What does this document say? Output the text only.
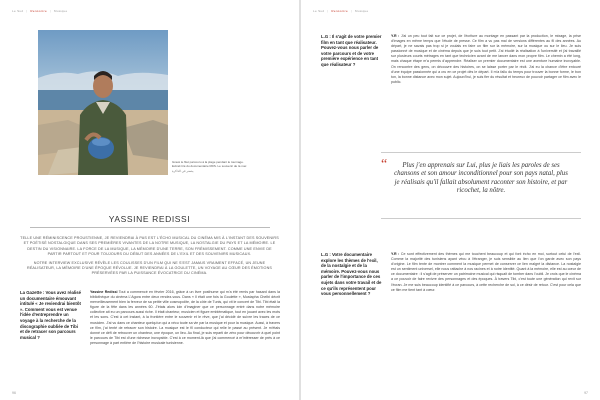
Le Sud | Rencontre | Musique
Gravé le filet parcouru à la plage pendant le tournage. Extrait tiré du documentaire RDS. Le souvenir de la mer.
يحضر في الذاكرة
YASSINE REDISSI

TELLE UNE RÉMINISCENCE PROUSTIENNE, JE REVIENDRAI À PAS EST L'ÉCHO MUSICAL DU CINÉMA MIS À L'INSTANT DES SOUVENIRS ET POÉTISÉ NOSTALGIQUE DANS SES PREMIÈRES VIVANTES DE LA NOTRE MUSIQUE, LA NOSTALGIE DU PAYS ET LA MÉMOIRE. LE DESTIN DU VISIONNAIRE. LA FORCE DE LA MUSIQUE, LA MÉMOIRE D'UNE TERRE, SON FRÉMISSEMENT. COMME UNE ENVIE DE PARTIR PARTOUT ET POUR TOUJOURS DU DÉBUT DES ANNÉES DE L'EXIL ET DES SOUVENIRS MUSICAUX.

NOTRE INTERVIEW EXCLUSIVE RÉVÈLE LES COULISSES D'UN FILM QUI NE S'EST JAMAIS VRAIMENT EFFACÉ, UN JEUNE RÉALISATEUR, LA MÉMOIRE D'UNE ÉPOQUE RÉVOLUE. JE REVIENDRAI À LA GOULETTE, UN VOYAGE AU CŒUR DES ÉMOTIONS PRÉSERVÉES PAR LA PUISSANCE ÉVOCATRICE DU CINÉMA.

La Gazette : Vous avez réalisé un documentaire émouvant intitulé « Je reviendrai bientôt ». Comment vous est venue l'idée d'entreprendre un voyage à la recherche de la discographie oubliée de Tibi et de retracer son parcours musical ?
Yassine Redissi Tout a commencé en février 2016, grâce à un livre posthume qui m'a été remis par hasard dans la bibliothèque du cinéma L'Agora entre deux rendez-vous. Dans « Il était une fois la Goulette », Mustapha Chelbi décrit merveilleusement bien la ferveur de sa petite ville cosmopolite, de la côte de Tunis, qui vit le concert de Tibi. Tibi était la figure de la fête dans les années 60. J'étais alors loin d'imaginer que ce personnage entré dans notre mémoire collective ait eu un parcours aussi riche. Il était chanteur, musicien et figure emblématique, tout en jouant avec les mots et les sons. C'est à cet instant, à la frontière entre le souvenir et le rêve, que j'ai décidé de suivre les traces de ce musicien. J'ai vu dans ce chanteur quelqu'un qui a vécu toute sa vie par la musique et pour la musique. Aussi, à travers ce film, j'ai tenté de retracer son histoire. La musique est le fil conducteur qui relie le passé au présent. Je m'étais donné ce défi de retrouver un chanteur, une époque, un lieu. Au final, je suis reparti de zéro pour découvrir à quel point le parcours de Tibi est d'une richesse incroyable. C'est à ce moment-là que j'ai commencé à m'intéresser de près à ce personnage à part entière de l'histoire musicale tunisienne.
96
Le Sud | Rencontre | Musique
L.G : Il s'agit de votre premier film en tant que réalisateur. Pouvez-vous nous parler de votre parcours et de votre première expérience en tant que réalisateur ?
Y.R : J'ai un peu tout fait sur ce projet, de l'écriture au montage en passant par la production, le mixage, la prise d'images en même temps que l'étude de presse. Ce film a vu pas mal de versions différentes au fil des années. Au départ, je ne savais pas trop si je voulais en faire un film sur la mémoire, sur la musique ou sur le lieu. Je suis passionné de musique et de cinéma depuis que je suis tout petit. J'ai étudié la réalisation à l'université et j'ai travaillé sur plusieurs courts métrages en tant que technicien avant de me lancer dans mon propre film. Le chemin a été long, mais chaque étape m'a permis d'apprendre. Réaliser un premier documentaire est une aventure humaine incroyable. On rencontre des gens, on découvre des histoires, on se laisse porter par le récit. J'ai eu la chance d'être entouré d'une équipe passionnée qui a cru en ce projet dès le départ. Il m'a fallu du temps pour trouver la bonne forme, le bon ton, la bonne distance avec mon sujet. Aujourd'hui, je suis fier du résultat et heureux de pouvoir partager ce film avec le public.
“	Plus j'en apprenais sur Lui, plus je liais les paroles de ses chansons et son amour inconditionnel pour son pays natal, plus je réalisais qu'il fallait absolument raconter son histoire, et par ricochet, la nôtre.
L.G : Votre documentaire explore les thèmes de l'exil, de la nostalgie et de la mémoire. Pouvez-vous nous parler de l'importance de ces sujets dans votre travail et de ce qu'ils représentent pour vous personnellement ?
Y.R : Ce sont effectivement des thèmes qui me touchent beaucoup et qui font écho en moi, surtout celui de l'exil. Comme la majorité des tunisiens ayant vécu à l'étranger, je suis sensible au lien que l'on garde avec son pays d'origine. Le film tente de montrer comment la musique permet de conserver ce lien malgré la distance. La nostalgie est un sentiment universel, elle nous rattache à nos racines et à notre identité. Quant à la mémoire, elle est au cœur de ce documentaire : il s'agit de préserver un patrimoine musical qui risquait de tomber dans l'oubli. Je crois que le cinéma a ce pouvoir de faire revivre des personnages et des époques. À travers Tibi, c'est toute une génération qui revit sur l'écran. Je me suis beaucoup identifié à ce parcours, à cette recherche de soi, à ce désir de retour. C'est pour cela que ce film me tient tant à cœur.
97
